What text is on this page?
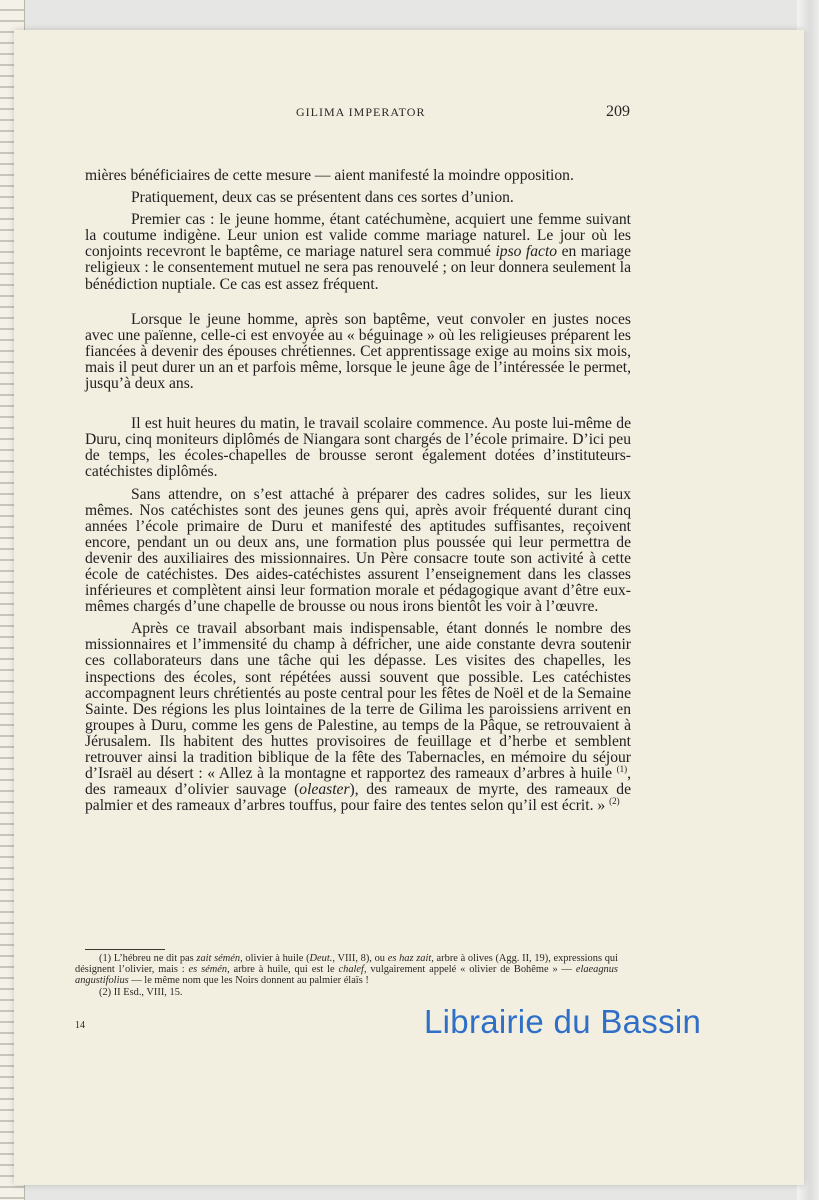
GILIMA IMPERATOR	209

mières bénéficiaires de cette mesure — aient manifesté la moindre opposition.

Pratiquement, deux cas se présentent dans ces sortes d’union.

Premier cas : le jeune homme, étant catéchumène, acquiert une femme suivant la coutume indigène. Leur union est valide comme mariage naturel. Le jour où les conjoints recevront le baptême, ce mariage naturel sera commué ipso facto en mariage religieux : le consentement mutuel ne sera pas renouvelé ; on leur donnera seulement la bénédiction nuptiale. Ce cas est assez fréquent.

Lorsque le jeune homme, après son baptême, veut convoler en justes noces avec une païenne, celle-ci est envoyée au « béguinage » où les religieuses préparent les fiancées à devenir des épouses chrétiennes. Cet apprentissage exige au moins six mois, mais il peut durer un an et parfois même, lorsque le jeune âge de l’intéressée le permet, jusqu’à deux ans.

Il est huit heures du matin, le travail scolaire commence. Au poste lui-même de Duru, cinq moniteurs diplômés de Niangara sont chargés de l’école primaire. D’ici peu de temps, les écoles-chapelles de brousse seront également dotées d’instituteurs-catéchistes diplômés.

Sans attendre, on s’est attaché à préparer des cadres solides, sur les lieux mêmes. Nos catéchistes sont des jeunes gens qui, après avoir fréquenté durant cinq années l’école primaire de Duru et manifesté des aptitudes suffisantes, reçoivent encore, pendant un ou deux ans, une formation plus poussée qui leur permettra de devenir des auxiliaires des missionnaires. Un Père consacre toute son activité à cette école de catéchistes. Des aides-catéchistes assurent l’enseignement dans les classes inférieures et complètent ainsi leur formation morale et pédagogique avant d’être eux-mêmes chargés d’une chapelle de brousse ou nous irons bientôt les voir à l’œuvre.

Après ce travail absorbant mais indispensable, étant donnés le nombre des missionnaires et l’immensité du champ à défricher, une aide constante devra soutenir ces collaborateurs dans une tâche qui les dépasse. Les visites des chapelles, les inspections des écoles, sont répétées aussi souvent que possible. Les catéchistes accompagnent leurs chrétientés au poste central pour les fêtes de Noël et de la Semaine Sainte. Des régions les plus lointaines de la terre de Gilima les paroissiens arrivent en groupes à Duru, comme les gens de Palestine, au temps de la Pâque, se retrouvaient à Jérusalem. Ils habitent des huttes provisoires de feuillage et d’herbe et semblent retrouver ainsi la tradition biblique de la fête des Tabernacles, en mémoire du séjour d’Israël au désert : « Allez à la montagne et rapportez des rameaux d’arbres à huile $^{(1)}$, des rameaux d’olivier sauvage (oleaster), des rameaux de myrte, des rameaux de palmier et des rameaux d’arbres touffus, pour faire des tentes selon qu’il est écrit. » $^{(2)}$

(1) L’hébreu ne dit pas zait sémén, olivier à huile (Deut., VIII, 8), ou es haz zait, arbre à olives (Agg. II, 19), expressions qui désignent l’olivier, mais : es sémén, arbre à huile, qui est le chalef, vulgairement appelé « olivier de Bohême » — elaeagnus angustifolius — le même nom que les Noirs donnent au palmier élaïs !

(2) II Esd., VIII, 15.

14	Librairie du Bassin
